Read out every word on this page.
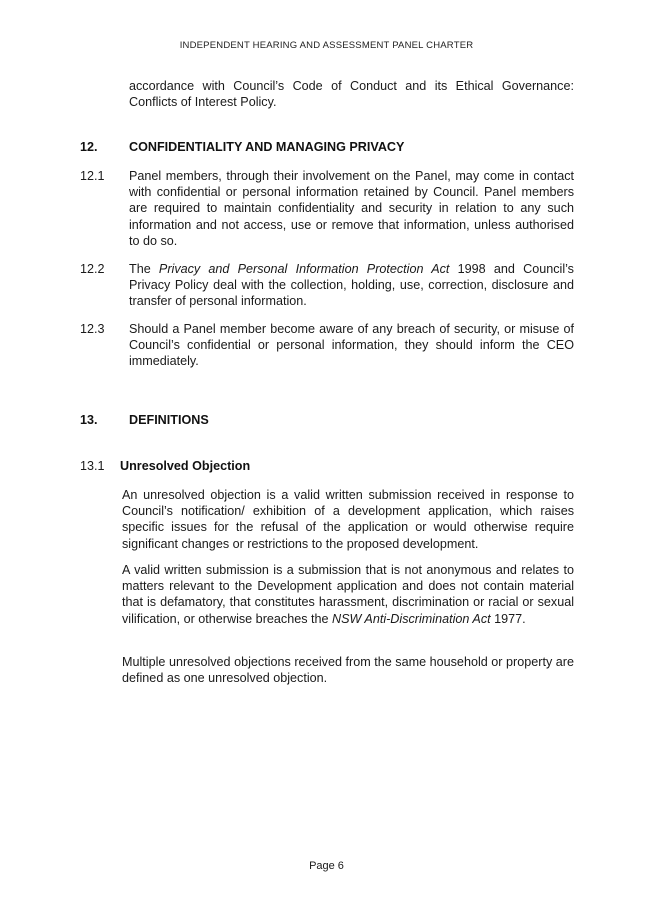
INDEPENDENT HEARING AND ASSESSMENT PANEL CHARTER
accordance with Council’s Code of Conduct and its Ethical Governance: Conflicts of Interest Policy.
12. CONFIDENTIALITY AND MANAGING PRIVACY
12.1 Panel members, through their involvement on the Panel, may come in contact with confidential or personal information retained by Council. Panel members are required to maintain confidentiality and security in relation to any such information and not access, use or remove that information, unless authorised to do so.
12.2 The Privacy and Personal Information Protection Act 1998 and Council’s Privacy Policy deal with the collection, holding, use, correction, disclosure and transfer of personal information.
12.3 Should a Panel member become aware of any breach of security, or misuse of Council’s confidential or personal information, they should inform the CEO immediately.
13. DEFINITIONS
13.1 Unresolved Objection
An unresolved objection is a valid written submission received in response to Council’s notification/ exhibition of a development application, which raises specific issues for the refusal of the application or would otherwise require significant changes or restrictions to the proposed development.
A valid written submission is a submission that is not anonymous and relates to matters relevant to the Development application and does not contain material that is defamatory, that constitutes harassment, discrimination or racial or sexual vilification, or otherwise breaches the NSW Anti-Discrimination Act 1977.
Multiple unresolved objections received from the same household or property are defined as one unresolved objection.
Page 6
